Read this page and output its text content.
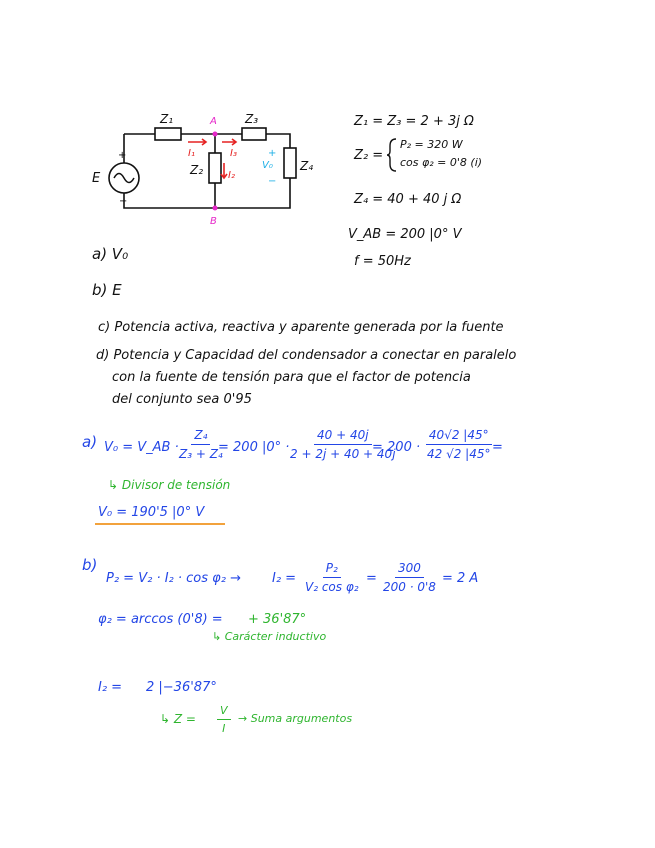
Z₁	Z₃
Z₂	Z₄
E
+
−
A
B
I₁	I₃
I₂
V₀
+
−
Z₁ = Z₃ = 2 + 3j Ω
Z₂ =
P₂ = 320 W
cos φ₂ = 0'8 (i)
Z₄ = 40 + 40 j Ω
V_AB = 200 |0° V
f = 50Hz
a) V₀
b) E
c) Potencia activa, reactiva y aparente generada por la fuente
d) Potencia y Capacidad del condensador a conectar en paralelo
con la fuente de tensión para que el factor de potencia
del conjunto sea 0'95
a) V₀ = V_AB ·
$\frac{\text{Z₄}}{\text{Z₃ + Z₄}}$
= 200 |0° ·
$\frac{40 + 40j}{2 + 2j + 40 + 40j}$
= $200 \cdot \frac{40√2 |45^\circ}{42 √2 |45^\circ}$
=
↳ Divisor de tensión
V₀ = 190'5 |0° V
b)
$P_2 = V_2 \cdot I_2 \cdot \cos \varphi_2 \to I_2 = \frac{\text{P₂}}{\text{V₂ cos φ₂}} = \frac{300}{200 \cdot 0'8} = 2$ A
φ₂ = arccos (0'8) = + 36'87°
↳ Carácter inductivo
I₂ = 2 |−36'87°
↳ $Z = \frac{V}{I}$ → Suma argumentos
